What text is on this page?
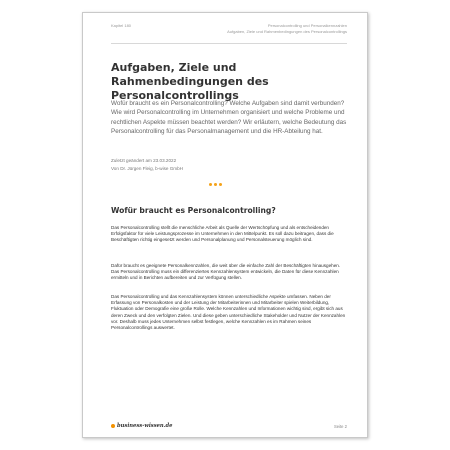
Kapitel 180	Personalcontrolling und Personalkennzahlen
Aufgaben, Ziele und Rahmenbedingungen des Personalcontrollings
Aufgaben, Ziele und Rahmenbedingungen des Personalcontrollings

Wofür braucht es ein Personalcontrolling? Welche Aufgaben sind damit verbunden? Wie wird Personalcontrolling im Unternehmen organisiert und welche Probleme und rechtlichen Aspekte müssen beachtet werden? Wir erläutern, welche Bedeutung das Personalcontrolling für das Personalmanagement und die HR-Abteilung hat.

Zuletzt geändert am 23.03.2022
Von Dr. Jürgen Fleig, b-wise GmbH
Wofür braucht es Personalcontrolling?

Das Personalcontrolling stellt die menschliche Arbeit als Quelle der Wertschöpfung und als entscheidenden Erfolgsfaktor für viele Leistungsprozesse im Unternehmen in den Mittelpunkt. Es soll dazu beitragen, dass die Beschäftigten richtig eingesetzt werden und Personalplanung und Personalsteuerung möglich sind.

Dafür braucht es geeignete Personalkennzahlen, die weit über die einfache Zahl der Beschäftigten hinausgehen. Das Personalcontrolling muss ein differenziertes Kennzahlensystem entwickeln, die Daten für diese Kennzahlen ermitteln und in Berichten aufbereiten und zur Verfügung stellen.

Das Personalcontrolling und das Kennzahlensystem können unterschiedliche Aspekte umfassen. Neben der Erfassung von Personalkosten und der Leistung der Mitarbeiterinnen und Mitarbeiter spielen Weiterbildung, Fluktuation oder Demografie eine große Rolle. Welche Kennzahlen und Informationen wichtig sind, ergibt sich aus deren Zweck und den verfolgten Zielen. Und diese geben unterschiedliche Stakeholder und Nutzer der Kennzahlen vor. Deshalb muss jedes Unternehmen selbst festlegen, welche Kennzahlen es im Rahmen seines Personalcontrollings auswertet.

business-wissen.de	Seite 2
